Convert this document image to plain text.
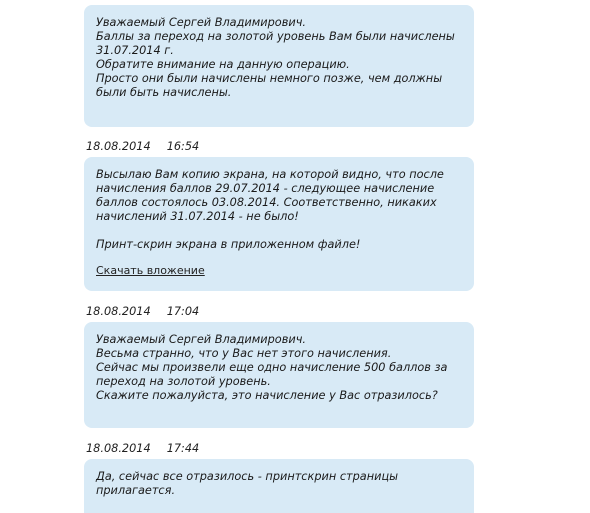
Уважаемый Сергей Владимирович.
Баллы за переход на золотой уровень Вам были начислены
31.07.2014 г.
Обратите внимание на данную операцию.
Просто они были начислены немного позже, чем должны
были быть начислены.
18.08.2014 16:54
Высылаю Вам копию экрана, на которой видно, что после
начисления баллов 29.07.2014 - следующее начисление
баллов состоялось 03.08.2014. Соответственно, никаких
начислений 31.07.2014 - не было!
Принт-скрин экрана в приложенном файле!
Скачать вложение
18.08.2014 17:04
Уважаемый Сергей Владимирович.
Весьма странно, что у Вас нет этого начисления.
Сейчас мы произвели еще одно начисление 500 баллов за
переход на золотой уровень.
Скажите пожалуйста, это начисление у Вас отразилось?
18.08.2014 17:44
Да, сейчас все отразилось - принтскрин страницы
прилагается.
